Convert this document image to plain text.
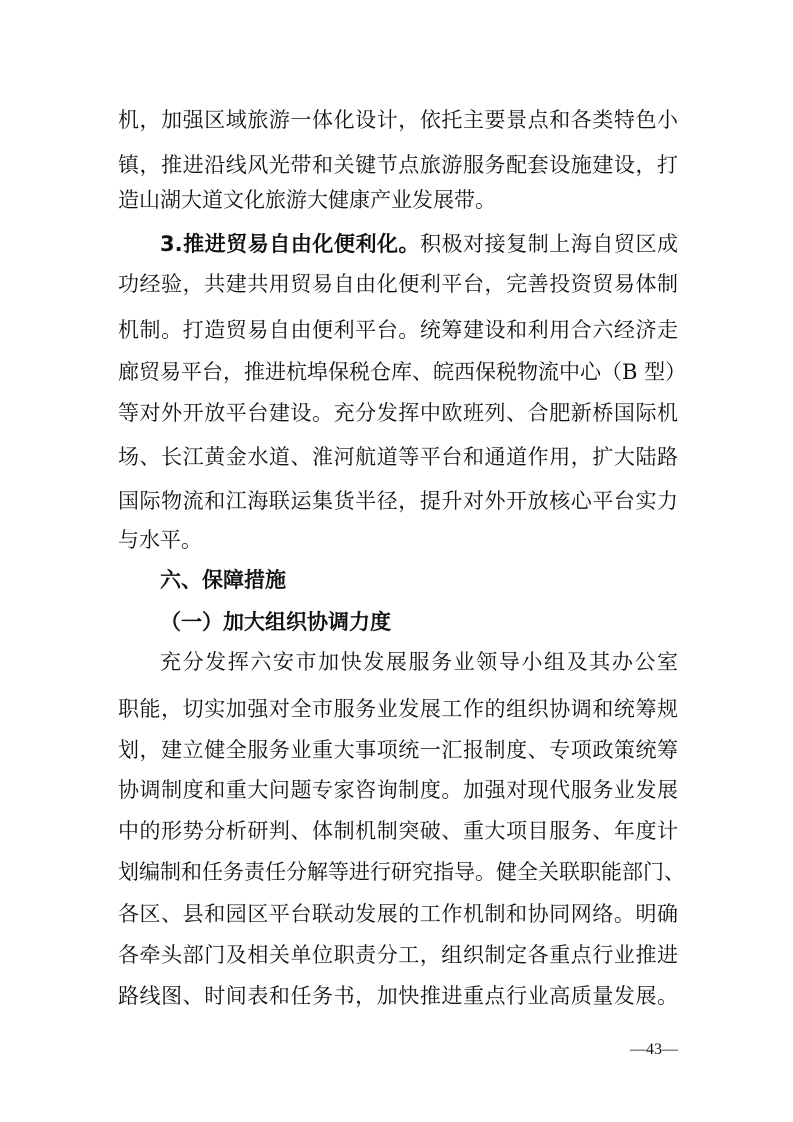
机，加强区域旅游一体化设计，依托主要景点和各类特色小
镇，推进沿线风光带和关键节点旅游服务配套设施建设，打
造山湖大道文化旅游大健康产业发展带。
3.推进贸易自由化便利化。积极对接复制上海自贸区成
功经验，共建共用贸易自由化便利平台，完善投资贸易体制
机制。打造贸易自由便利平台。统筹建设和利用合六经济走
廊贸易平台，推进杭埠保税仓库、皖西保税物流中心（B 型）
等对外开放平台建设。充分发挥中欧班列、合肥新桥国际机
场、长江黄金水道、淮河航道等平台和通道作用，扩大陆路
国际物流和江海联运集货半径，提升对外开放核心平台实力
与水平。
六、保障措施
（一）加大组织协调力度
充分发挥六安市加快发展服务业领导小组及其办公室
职能，切实加强对全市服务业发展工作的组织协调和统筹规
划，建立健全服务业重大事项统一汇报制度、专项政策统筹
协调制度和重大问题专家咨询制度。加强对现代服务业发展
中的形势分析研判、体制机制突破、重大项目服务、年度计
划编制和任务责任分解等进行研究指导。健全关联职能部门、
各区、县和园区平台联动发展的工作机制和协同网络。明确
各牵头部门及相关单位职责分工，组织制定各重点行业推进
路线图、时间表和任务书，加快推进重点行业高质量发展。
—43—
